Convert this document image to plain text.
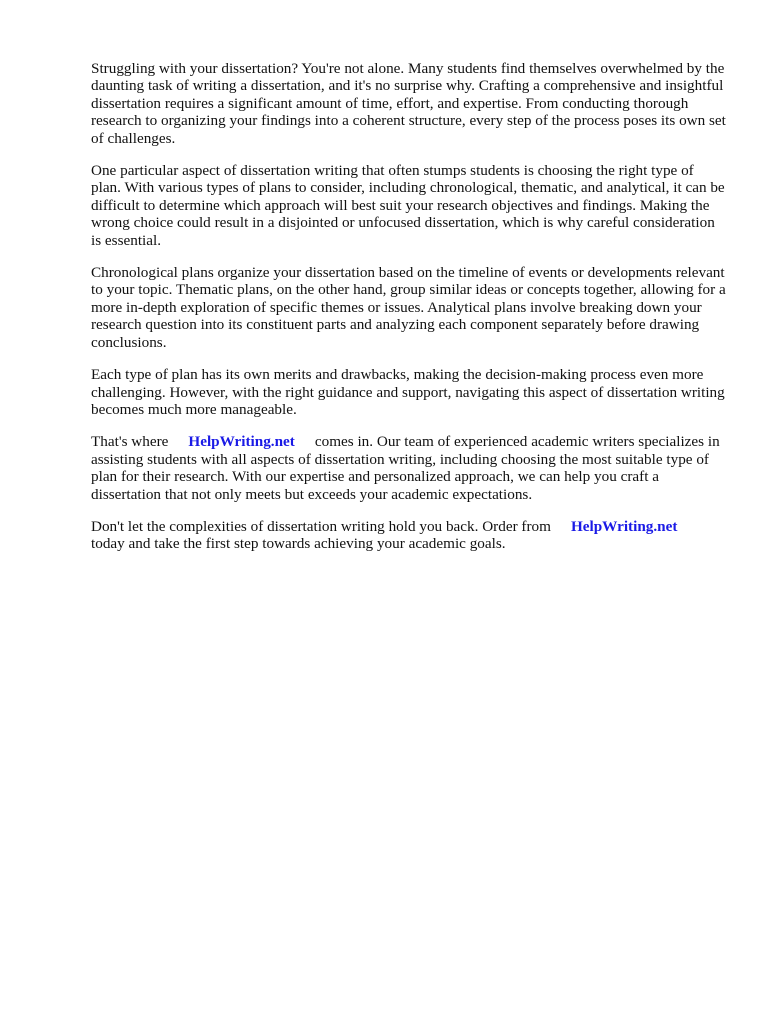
Struggling with your dissertation? You're not alone. Many students find themselves overwhelmed by the daunting task of writing a dissertation, and it's no surprise why. Crafting a comprehensive and insightful dissertation requires a significant amount of time, effort, and expertise. From conducting thorough research to organizing your findings into a coherent structure, every step of the process poses its own set of challenges.

One particular aspect of dissertation writing that often stumps students is choosing the right type of plan. With various types of plans to consider, including chronological, thematic, and analytical, it can be difficult to determine which approach will best suit your research objectives and findings. Making the wrong choice could result in a disjointed or unfocused dissertation, which is why careful consideration is essential.

Chronological plans organize your dissertation based on the timeline of events or developments relevant to your topic. Thematic plans, on the other hand, group similar ideas or concepts together, allowing for a more in-depth exploration of specific themes or issues. Analytical plans involve breaking down your research question into its constituent parts and analyzing each component separately before drawing conclusions.

Each type of plan has its own merits and drawbacks, making the decision-making process even more challenging. However, with the right guidance and support, navigating this aspect of dissertation writing becomes much more manageable.

That's where HelpWriting.net comes in. Our team of experienced academic writers specializes in assisting students with all aspects of dissertation writing, including choosing the most suitable type of plan for their research. With our expertise and personalized approach, we can help you craft a dissertation that not only meets but exceeds your academic expectations.

Don't let the complexities of dissertation writing hold you back. Order from HelpWriting.nettoday and take the first step towards achieving your academic goals.
